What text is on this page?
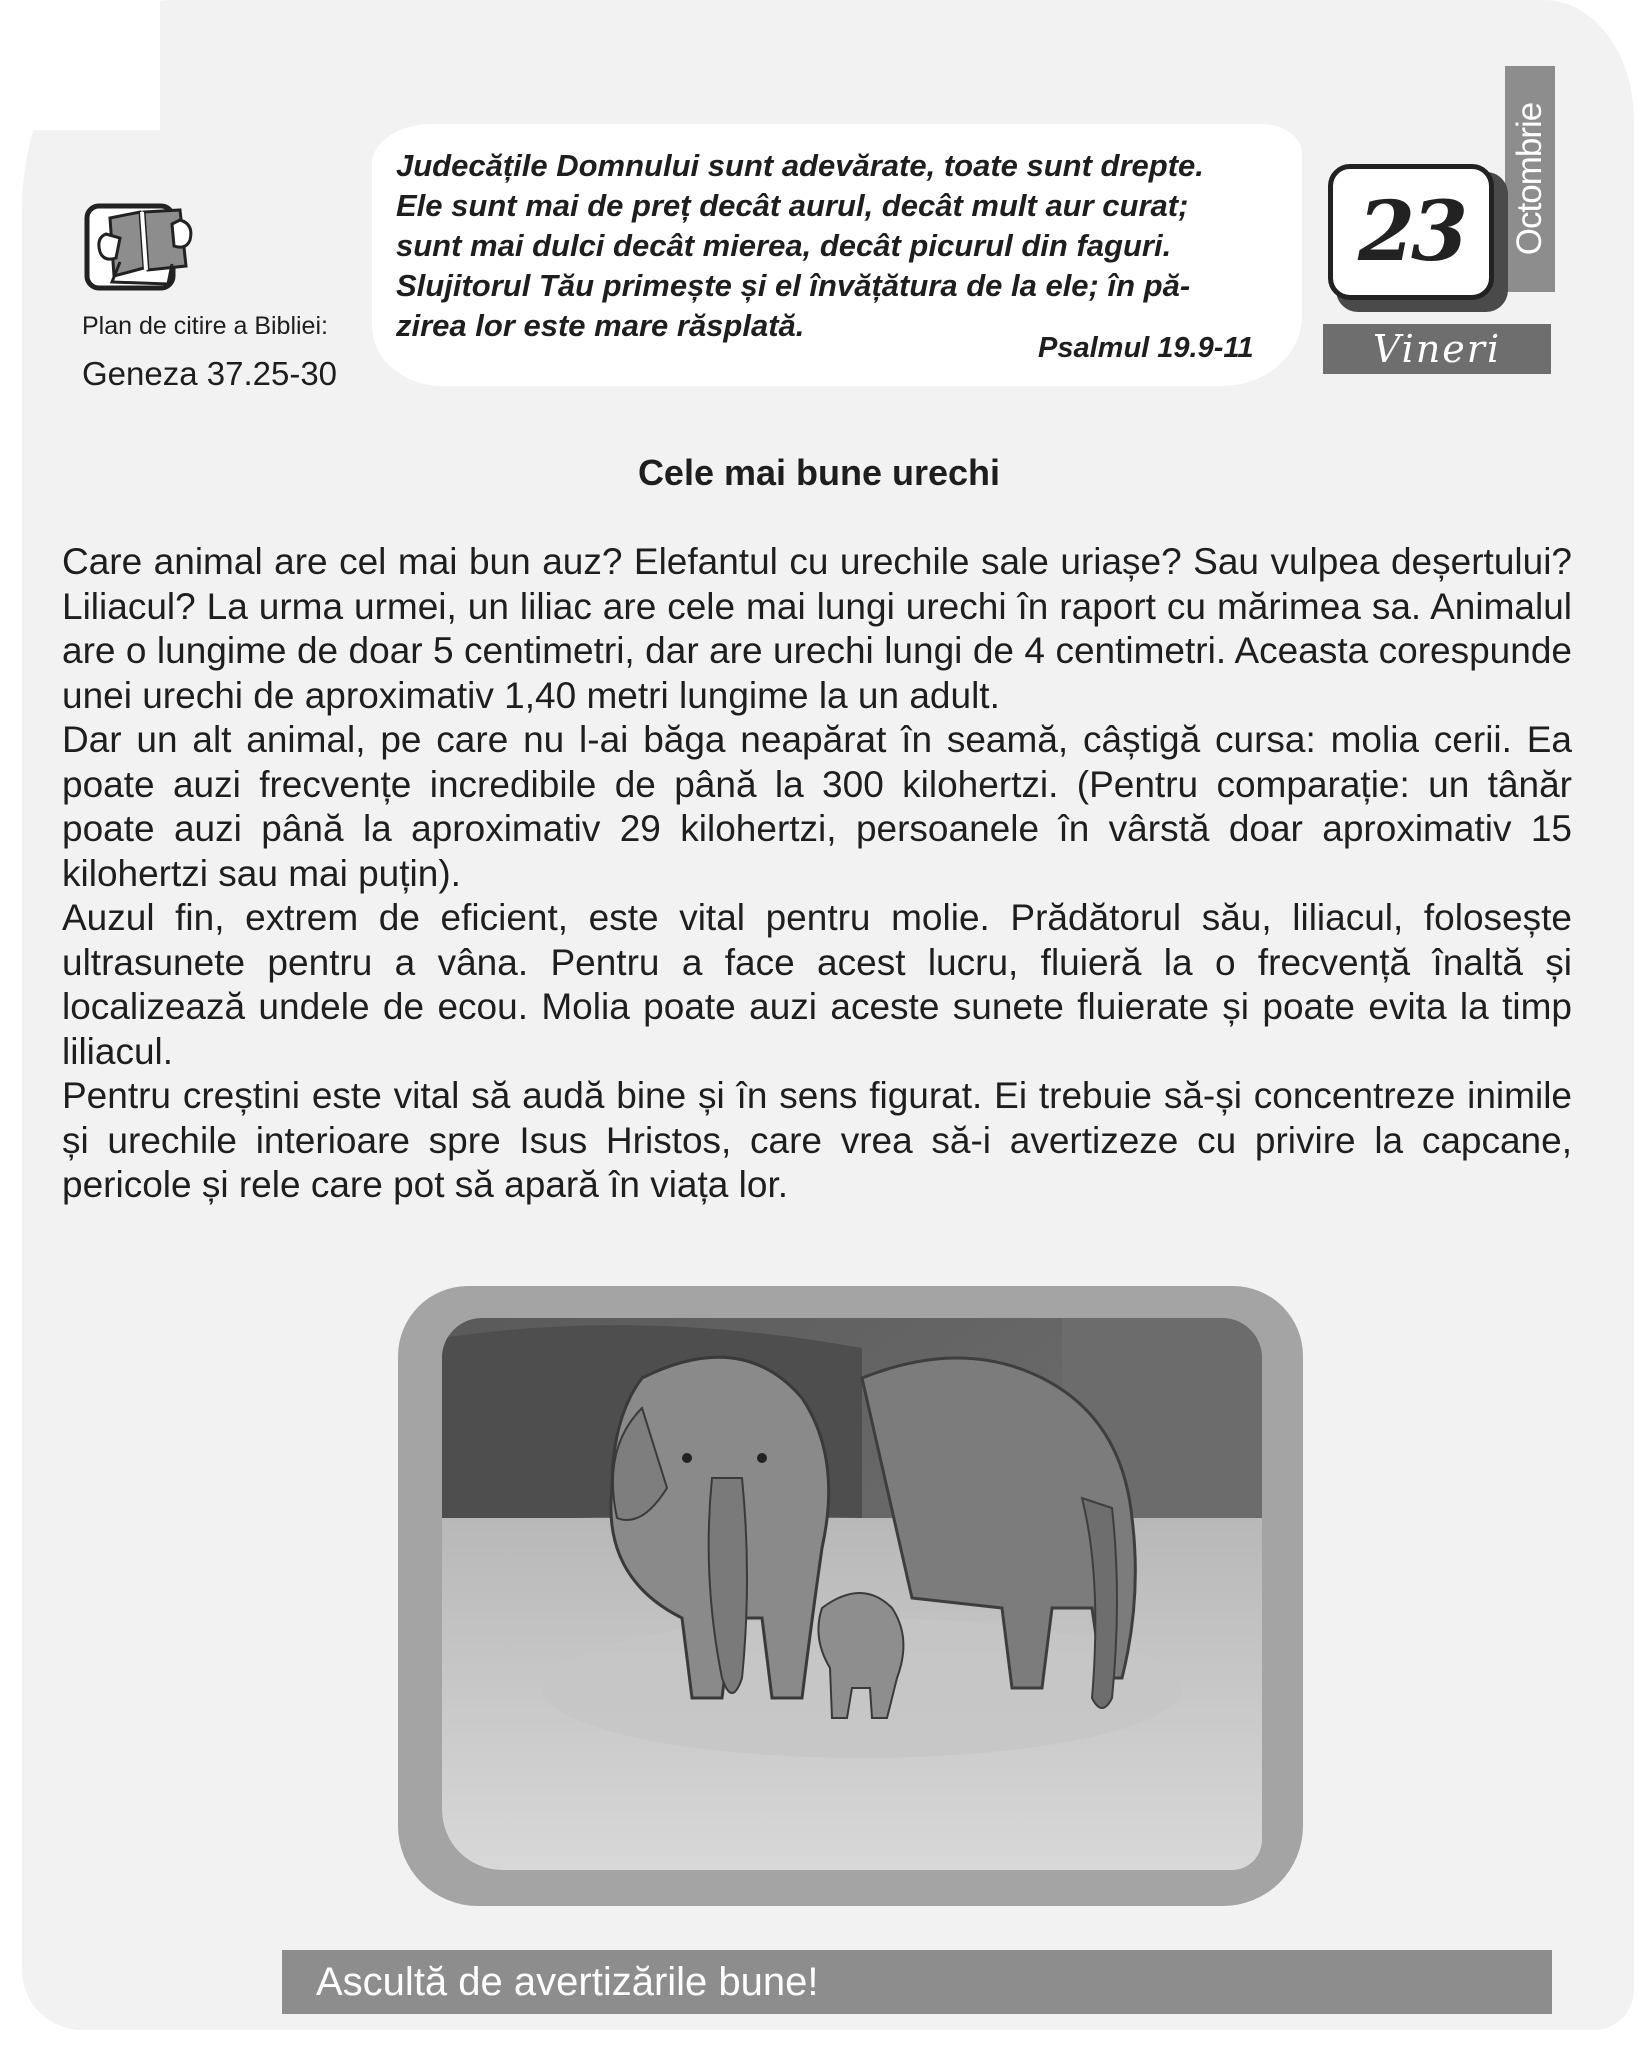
Plan de citire a Bibliei:
Geneza 37.25-30
Judecățile Domnului sunt adevărate, toate sunt drepte.
Ele sunt mai de preț decât aurul, decât mult aur curat;
sunt mai dulci decât mierea, decât picurul din faguri.
Slujitorul Tău primește și el învățătura de la ele; în pă-
zirea lor este mare răsplată.
Psalmul 19.9-11
Octombrie
23
Vineri
Cele mai bune urechi

Care animal are cel mai bun auz? Elefantul cu urechile sale uriașe? Sau vulpea deșertului? Liliacul? La urma urmei, un liliac are cele mai lungi urechi în raport cu mărimea sa. Animalul are o lungime de doar 5 centimetri, dar are urechi lungi de 4 centimetri. Aceasta corespunde unei urechi de aproximativ 1,40 metri lungime la un adult.

Dar un alt animal, pe care nu l-ai băga neapărat în seamă, câștigă cursa: molia cerii. Ea poate auzi frecvențe incredibile de până la 300 kilohertzi. (Pentru comparație: un tânăr poate auzi până la aproximativ 29 kilohertzi, persoanele în vârstă doar aproximativ 15 kilohertzi sau mai puțin).

Auzul fin, extrem de eficient, este vital pentru molie. Prădătorul său, liliacul, folosește ultrasunete pentru a vâna. Pentru a face acest lucru, fluieră la o frecvență înaltă și localizează undele de ecou. Molia poate auzi aceste sunete fluierate și poate evita la timp liliacul.

Pentru creștini este vital să audă bine și în sens figurat. Ei trebuie să-și concentreze inimile și urechile interioare spre Isus Hristos, care vrea să-i avertizeze cu privire la capcane, pericole și rele care pot să apară în viața lor.

Ascultă de avertizările bune!
